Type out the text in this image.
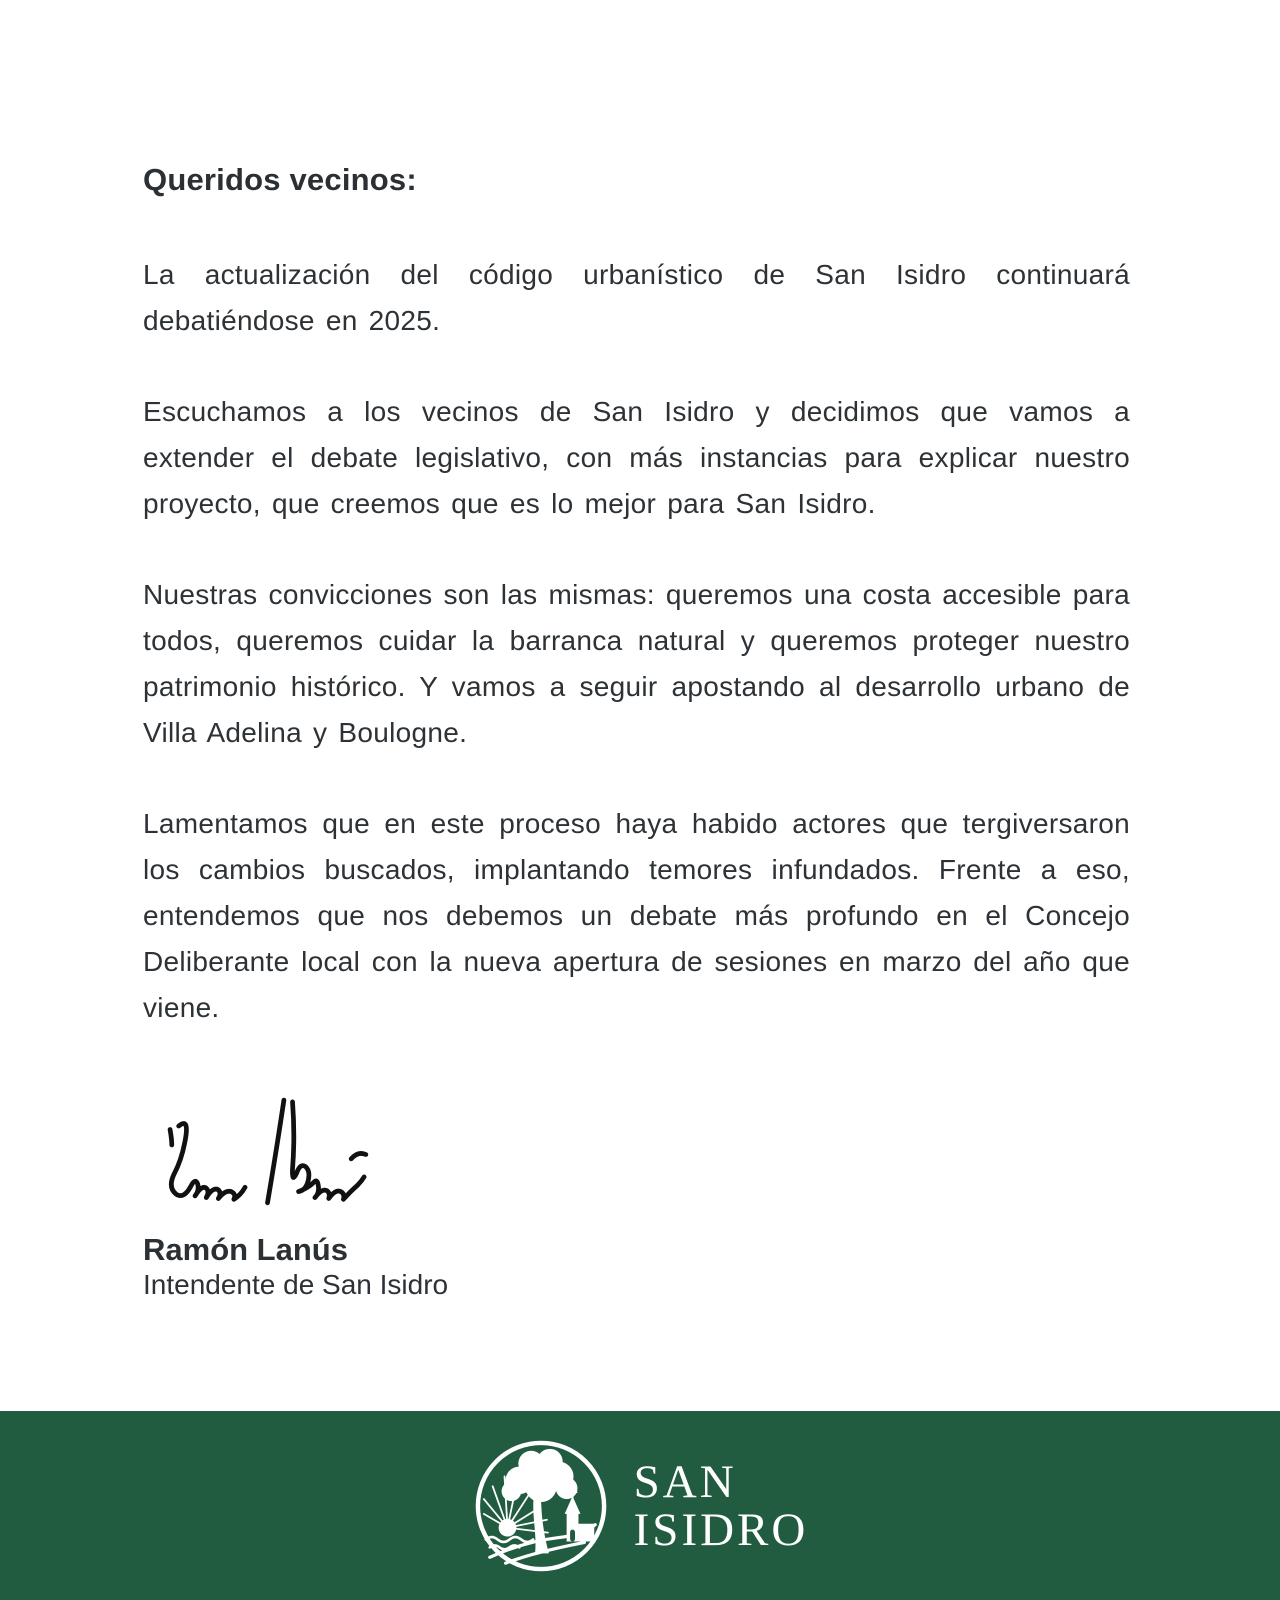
Queridos vecinos:

La actualización del código urbanístico de San Isidro continuará debatiéndose en 2025.

Escuchamos a los vecinos de San Isidro y decidimos que vamos a extender el debate legislativo, con más instancias para explicar nuestro proyecto, que creemos que es lo mejor para San Isidro.

Nuestras convicciones son las mismas: queremos una costa accesible para todos, queremos cuidar la barranca natural y queremos proteger nuestro patrimonio histórico. Y vamos a seguir apostando al desarrollo urbano de Villa Adelina y Boulogne.

Lamentamos que en este proceso haya habido actores que tergiversaron los cambios buscados, implantando temores infundados. Frente a eso, entendemos que nos debemos un debate más profundo en el Concejo Deliberante local con la nueva apertura de sesiones en marzo del año que viene.

Ramón Lanús
Intendente de San Isidro
SAN
ISIDRO
